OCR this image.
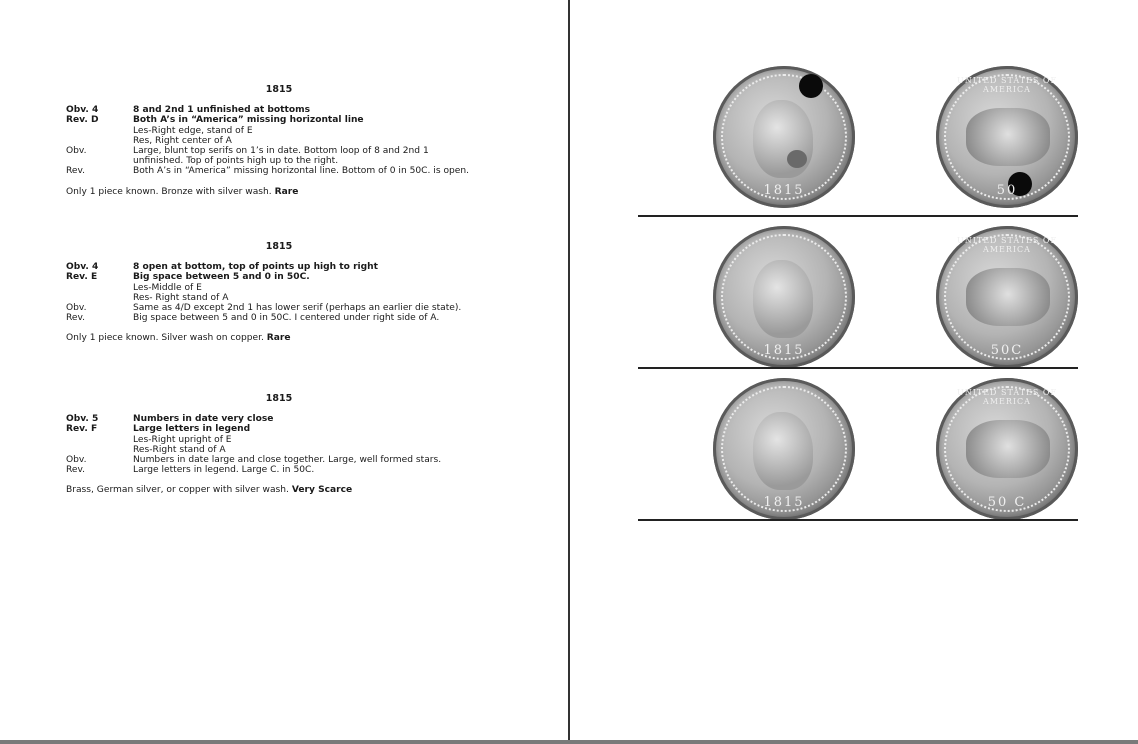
1815
Obv. 4	8 and 2nd 1 unfinished at bottoms
Rev. D	Both A’s in “America” missing horizontal line
Les-Right edge, stand of E
Res, Right center of A
Obv.	Large, blunt top serifs on 1’s in date. Bottom loop of 8 and 2nd 1
unfinished. Top of points high up to the right.
Rev.	Both A’s in “America” missing horizontal line. Bottom of 0 in 50C. is open.
Only 1 piece known. Bronze with silver wash. Rare
1815
Obv. 4	8 open at bottom, top of points up high to right
Rev. E	Big space between 5 and 0 in 50C.
Les-Middle of E
Res- Right stand of A
Obv.	Same as 4/D except 2nd 1 has lower serif (perhaps an earlier die state).
Rev.	Big space between 5 and 0 in 50C. I centered under right side of A.
Only 1 piece known. Silver wash on copper. Rare
1815
Obv. 5	Numbers in date very close
Rev. F	Large letters in legend
Les-Right upright of E
Res-Right stand of A
Obv.	Numbers in date large and close together. Large, well formed stars.
Rev.	Large letters in legend. Large C. in 50C.
Brass, German silver, or copper with silver wash. Very Scarce
1815
UNITED STATES OF AMERICA
50
1815
UNITED STATES OF AMERICA
50C
1815
UNITED STATES OF AMERICA
50 C
